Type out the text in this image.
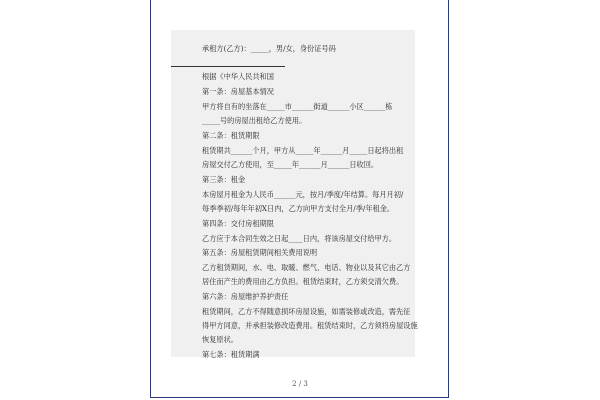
承租方(乙方)：_____，男/女，身份证号码
根据《中华人民共和国
第一条：房屋基本情况
甲方将自有的坐落在_____市______街道______小区______栋
_____号的房屋出租给乙方使用。
第二条：租赁期限
租赁期共______个月，甲方从_____年______月_____日起将出租
房屋交付乙方使用，至_____年______月______日收回。
第三条：租金
本房屋月租金为人民币______元，按月/季度/年结算。每月月初/
每季季初/每年年初X日内，乙方向甲方支付全月/季/年租金。
第四条：交付房租期限
乙方应于本合同生效之日起____日内，将该房屋交付给甲方。
第五条：房屋租赁期间相关费用说明
乙方租赁期间，水、电、取暖、燃气、电话、物业以及其它由乙方
居住而产生的费用由乙方负担。租赁结束时，乙方须交清欠费。
第六条：房屋维护养护责任
租赁期间，乙方不得随意损坏房屋设施，如需装修或改造，需先征
得甲方同意，并承担装修改造费用。租赁结束时，乙方须将房屋设施
恢复原状。
第七条：租赁期满
2 / 3
